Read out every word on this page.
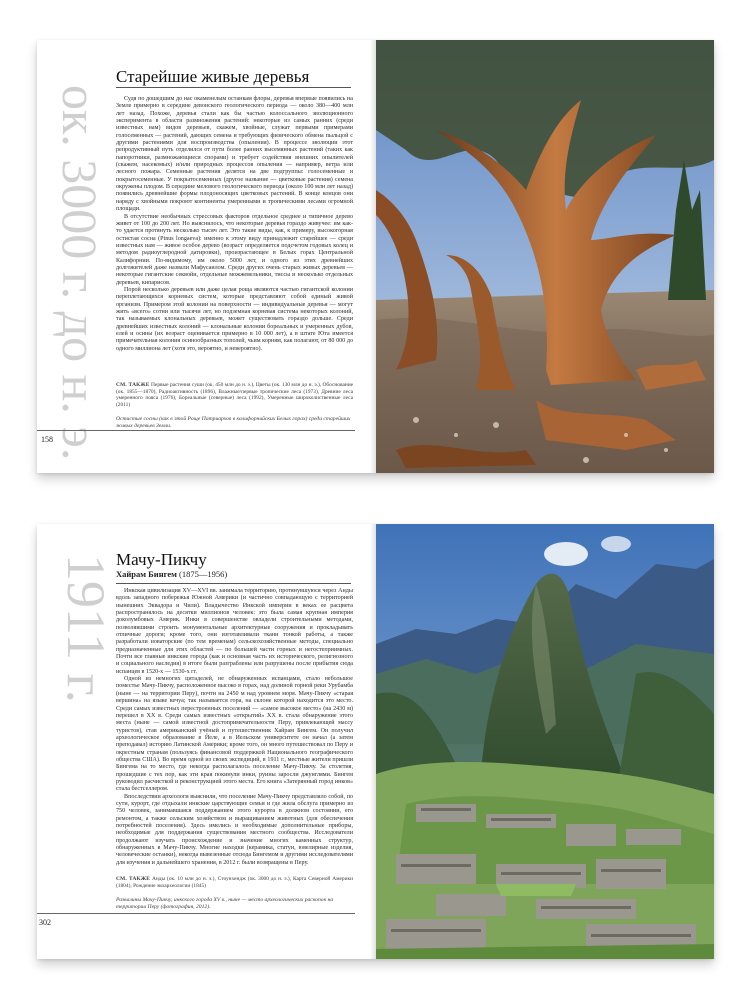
ок. 3000 г. до н. э.
Старейшие живые деревья

Судя по дошедшим до нас окаменелым останкам флоры, деревья впервые появились на Земле примерно в середине девонского геологического периода — около 380—400 млн лет назад. Похоже, деревья стали как бы частью колоссального эволюционного эксперимента в области размножения растений: некоторые из самых ранних (среди известных нам) видов деревьев, скажем, хвойные, служат первыми примерами голосеменных — растений, дающих семена и требующих физического обмена пыльцой с другими растениями для воспроизводства (опыления). В процессе эволюции этот репродуктивный путь отделился от пути более ранних высемянных растений (таких как папоротники, размножающиеся спорами) и требует содействия внешних опылителей (скажем, насекомых) и/или природных процессов опыления — например, ветра или лесного пожара. Семенные растения делятся на две подгруппы: голосеменные и покрытосеменные. У покрытосеменных (другое название — цветковые растения) семена окружены плодом. В середине мелового геологического периода (около 100 млн лет назад) появились древнейшие формы плодоносящих цветковых растений. В конце концов они наряду с хвойными покроют континенты умеренными и тропическими лесами огромной площади.

В отсутствие необычных стрессовых факторов отдельное среднее и типичное дерево живет от 100 до 200 лет. Но выяснилось, что некоторые деревья гораздо живучее: им как-то удается протянуть несколько тысяч лет. Это такие виды, как, к примеру, высокогорная остистая сосна (Pinus longaeva): именно к этому виду принадлежит старейшее — среди известных нам — живое особое дерево (возраст определяется подсчетом годовых колец и методом радиоуглеродной датировки), произрастающее в Белых горах Центральной Калифорнии. По-видимому, им около 5000 лет, и одного из этих древнейших долгожителей даже назвали Мафусаилом. Среди других очень старых живых деревьев — некоторые гигантские секвойи, отдельные можжевельники, тиссы и несколько отдельных деревьев, кипарисов.

Порой несколько деревьев или даже целая роща являются частью гигантской колонии переплетающихся корневых систем, которые представляют собой единый живой организм. Примером этой колонии на поверхности — индивидуальные деревья — могут жить «всего» сотни или тысячи лет, но подземная корневая система некоторых колоний, так называемых клональных деревьев, может существовать гораздо дольше. Среди древнейших известных колоний — клональные колонии бореальных и умеренных дубов, елей и осины (их возраст оценивается примерно в 10 000 лет), а в штате Юта имеется примечательная колония осинообразных тополей, чьим корням, как полагают, от 80 000 до одного миллиона лет (хотя это, вероятно, и невероятно).

СМ. ТАКЖЕ Первые растения суши (ок. 450 млн до н. э.), Цветы (ок. 130 млн до н. э.), Обоснование (ок. 1855—1870), Радиоактивность (1896), Влажные/первые тропические леса (1973), Древние леса умеренного пояса (1976), Бореальные (северные) леса (1992), Умеренные широколиственные леса (2011)
Остистые сосны (как в этой Роще Патриархов в калифорнийских Белых горах) среди старейших живых деревьев Земли.
158
1911 г. Мачу-Пикчу
Хайрам Бингем (1875—1956)

Инкская цивилизация XV—XVI вв. занимала территорию, протянувшуюся через Анды вдоль западного побережья Южной Америки (и частично совпадающую с территорией нынешних Эквадора и Чили). Владычество Инкской империи в веках ее расцвета распространялось на десятки миллионов человек: это была самая крупная империя доколумбовых Америк. Инки в совершенстве овладели строительными методами, позволявшими строить монументальные архитектурные сооружения и прокладывать отличные дороги; кроме того, они изготавливали ткани тонкой работы, а также разработали новаторские (по тем временам) сельскохозяйственные методы, специально предназначенные для этих областей — по большей части горных и негостеприимных. Почти все главные инкские города (как и основная часть их исторического, религиозного и социального наследия) в итоге были разграблены или разрушены после прибытия сюда испанцев в 1520-х — 1530-х гг.

Одной из немногих цитаделей, не обнаруженных испанцами, стало небольшое поместье Мачу-Пикчу, расположенное высоко в горах, над долиной горной реки Урубамба (ныне — на территории Перу), почти на 2450 м над уровнем моря. Мачу-Пикчу «старая вершина» на языке кечуа; так называется гора, на склоне которой находится это место. Среди самых известных перестроенных поселений — «самое высокое место» (на 2430 м) перешел в XX в. Среди самых известных «открытий» XX в. стала обнаружение этого места (ныне — самой известной достопримечательности Перу, привлекающей массу туристов), став американский учёный и путешественник Хайрам Бингем. Он получил археологическое образование в Йеле, а в Иельском университете он начал (а затем преподавал) историю Латинской Америки; кроме того, он много путешествовал по Перу и окрестным странам (пользуясь финансовой поддержкой Национального географического общества США). Во время одной из своих экспедиций, в 1911 г., местные жители пришли Бингема на то место, где некогда располагалось поселение Мачу-Пикчу. За столетия, прошедшие с тех пор, как эти края покинули инки, руины заросли джунглями. Бингем руководил расчисткой и реконструкцией этого места. Его книга «Затерянный город инков» стала бестселлером.

Впоследствии археологи выяснили, что поселение Мачу-Пикчу представляло собой, по сути, курорт, где отдыхали инкские царствующие семьи и где жила обслуга примерно из 750 человек, занимавшаяся поддержанием этого курорта в должном состоянии, его ремонтом, а также сельским хозяйством и выращиванием животных (для обеспечения потребностей поселения). Здесь имелись и необходимые дополнительные приборы, необходимые для поддержания существования местного сообщества. Исследователи продолжают изучать происхождение и значение многих каменных структур, обнаруженных в Мачу-Пикчу. Многие находки (керамика, статуи, ювелирные изделия, человеческие останки), некогда вывезенные отсюда Бингемом и другими исследователями для изучения и дальнейшего хранения, в 2012 г. были возвращены в Перу.

СМ. ТАКЖЕ Анды (ок. 10 млн до н. э.), Стоунхендж (ок. 3000 до н. э.), Карта Северной Америки (1804), Рождение экоархеологии (1845)
Развалины Мачу-Пикчу, инкского города XV в., ныне — место археологических раскопок на территории Перу (фотография, 2012).
302
